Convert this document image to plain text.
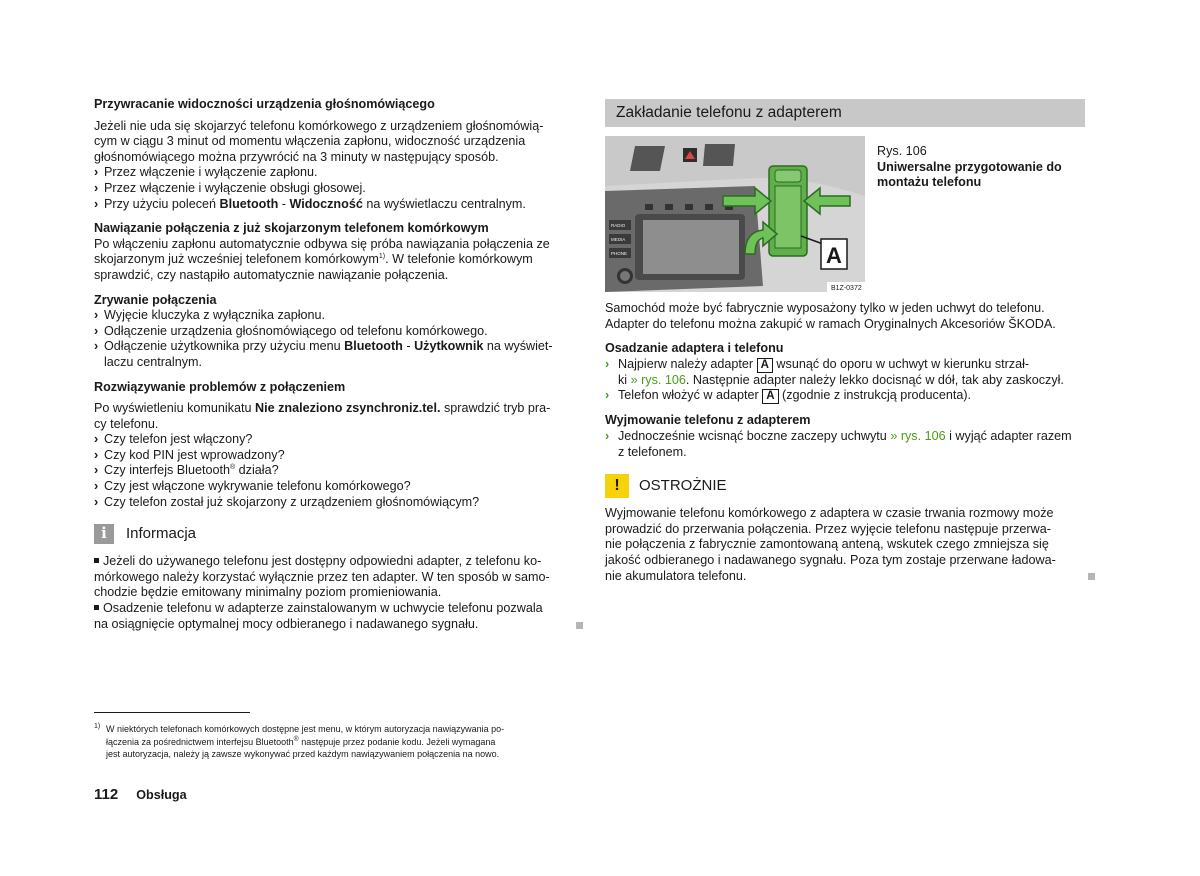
Przywracanie widoczności urządzenia głośnomówiącego

Jeżeli nie uda się skojarzyć telefonu komórkowego z urządzeniem głośnomówią-

cym w ciągu 3 minut od momentu włączenia zapłonu, widoczność urządzenia

głośnomówiącego można przywrócić na 3 minuty w następujący sposób.

› Przez włączenie i wyłączenie zapłonu.
› Przez włączenie i wyłączenie obsługi głosowej.
› Przy użyciu poleceń Bluetooth - Widoczność na wyświetlaczu centralnym.
Nawiązanie połączenia z już skojarzonym telefonem komórkowym

Po włączeniu zapłonu automatycznie odbywa się próba nawiązania połączenia ze

skojarzonym już wcześniej telefonem komórkowym$^{1)}$. W telefonie komórkowym

sprawdzić, czy nastąpiło automatycznie nawiązanie połączenia.

Zrywanie połączenia
› Wyjęcie kluczyka z wyłącznika zapłonu.
› Odłączenie urządzenia głośnomówiącego od telefonu komórkowego.
› Odłączenie użytkownika przy użyciu menu Bluetooth - Użytkownik na wyświet-
laczu centralnym.
Rozwiązywanie problemów z połączeniem

Po wyświetleniu komunikatu Nie znaleziono zsynchroniz.tel. sprawdzić tryb pra-

cy telefonu.

› Czy telefon jest włączony?
› Czy kod PIN jest wprowadzony?
› Czy interfejs Bluetooth® działa?
› Czy jest włączone wykrywanie telefonu komórkowego?
› Czy telefon został już skojarzony z urządzeniem głośnomówiącym?
i	Informacja

Jeżeli do używanego telefonu jest dostępny odpowiedni adapter, z telefonu ko-

mórkowego należy korzystać wyłącznie przez ten adapter. W ten sposób w samo-

chodzie będzie emitowany minimalny poziom promieniowania.

Osadzenie telefonu w adapterze zainstalowanym w uchwycie telefonu pozwala

na osiągnięcie optymalnej mocy odbieranego i nadawanego sygnału.

Zakładanie telefonu z adapterem
RADIO
MEDIA
PHONE	A
B1Z-0372
Rys. 106
Uniwersalne przygotowanie do
montażu telefonu

Samochód może być fabrycznie wyposażony tylko w jeden uchwyt do telefonu.

Adapter do telefonu można zakupić w ramach Oryginalnych Akcesoriów ŠKODA.

Osadzanie adaptera i telefonu
› Najpierw należy adapter A wsunąć do oporu w uchwyt w kierunku strzał-
ki » rys. 106. Następnie adapter należy lekko docisnąć w dół, tak aby zaskoczył.
› Telefon włożyć w adapter A (zgodnie z instrukcją producenta).
Wyjmowanie telefonu z adapterem
› Jednocześnie wcisnąć boczne zaczepy uchwytu » rys. 106 i wyjąć adapter razem
z telefonem.
!	OSTROŻNIE

Wyjmowanie telefonu komórkowego z adaptera w czasie trwania rozmowy może

prowadzić do przerwania połączenia. Przez wyjęcie telefonu następuje przerwa-

nie połączenia z fabrycznie zamontowaną anteną, wskutek czego zmniejsza się

jakość odbieranego i nadawanego sygnału. Poza tym zostaje przerwane ładowa-

nie akumulatora telefonu.

1) W niektórych telefonach komórkowych dostępne jest menu, w którym autoryzacja nawiązywania po-
łączenia za pośrednictwem interfejsu Bluetooth® następuje przez podanie kodu. Jeżeli wymagana
jest autoryzacja, należy ją zawsze wykonywać przed każdym nawiązywaniem połączenia na nowo.
112 Obsługa
